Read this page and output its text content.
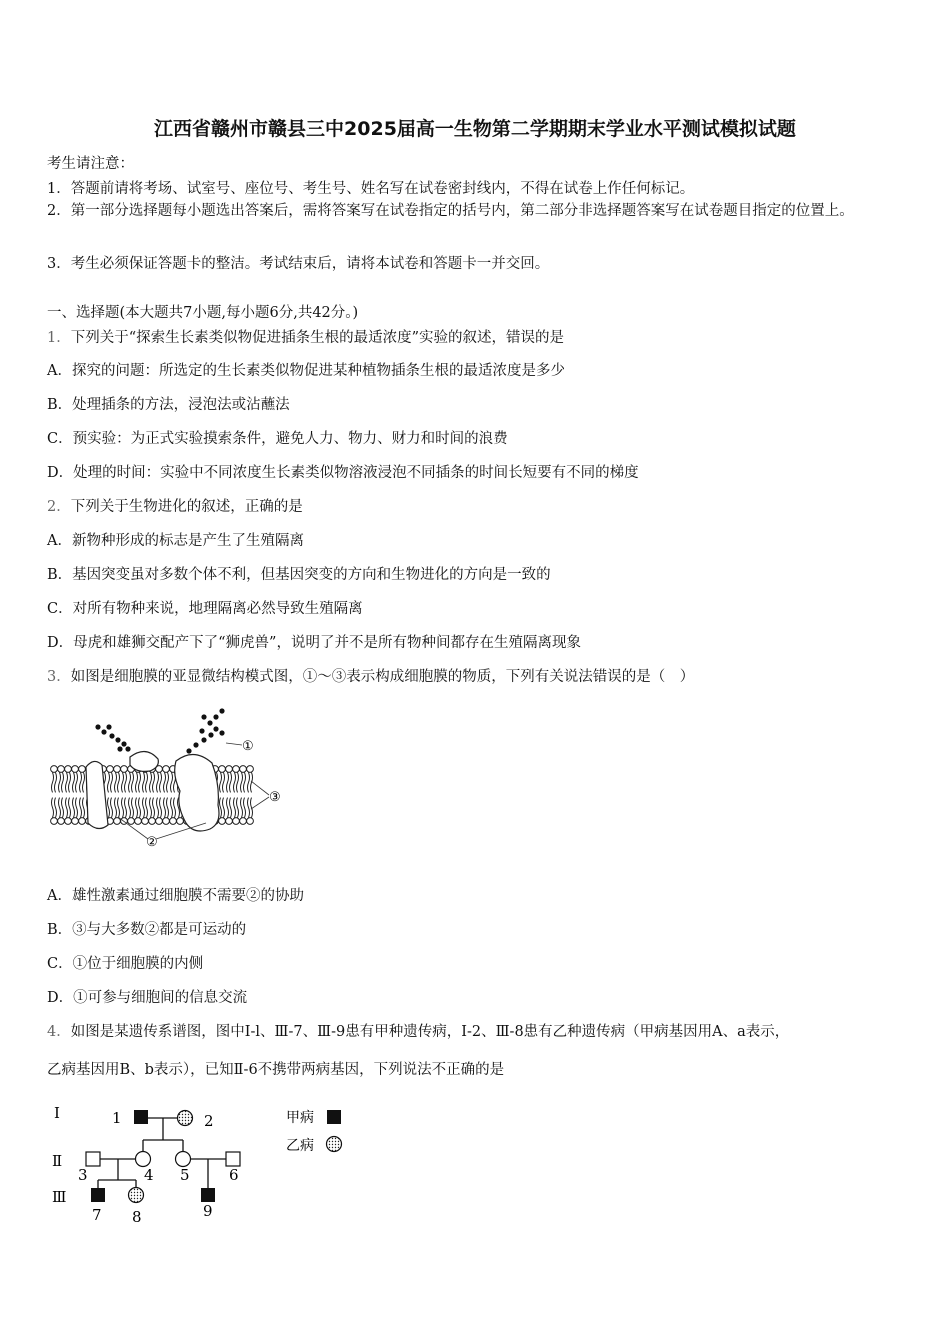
江西省赣州市赣县三中2025届高一生物第二学期期末学业水平测试模拟试题
考生请注意：
1．答题前请将考场、试室号、座位号、考生号、姓名写在试卷密封线内，不得在试卷上作任何标记。
2．第一部分选择题每小题选出答案后，需将答案写在试卷指定的括号内，第二部分非选择题答案写在试卷题目指定的位置上。
3．考生必须保证答题卡的整洁。考试结束后，请将本试卷和答题卡一并交回。
一、选择题(本大题共7小题,每小题6分,共42分。)
1．下列关于“探索生长素类似物促进插条生根的最适浓度”实验的叙述，错误的是
A．探究的问题：所选定的生长素类似物促进某种植物插条生根的最适浓度是多少
B．处理插条的方法，浸泡法或沾蘸法
C．预实验：为正式实验摸索条件，避免人力、物力、财力和时间的浪费
D．处理的时间：实验中不同浓度生长素类似物溶液浸泡不同插条的时间长短要有不同的梯度
2．下列关于生物进化的叙述，正确的是
A．新物种形成的标志是产生了生殖隔离
B．基因突变虽对多数个体不利，但基因突变的方向和生物进化的方向是一致的
C．对所有物种来说，地理隔离必然导致生殖隔离
D．母虎和雄狮交配产下了“狮虎兽”，说明了并不是所有物种间都存在生殖隔离现象
3．如图是细胞膜的亚显微结构模式图，①～③表示构成细胞膜的物质，下列有关说法错误的是（　）
①
③
②
A．雄性激素通过细胞膜不需要②的协助
B．③与大多数②都是可运动的
C．①位于细胞膜的内侧
D．①可参与细胞间的信息交流
4．如图是某遗传系谱图，图中Ⅰ-l、Ⅲ-7、Ⅲ-9患有甲种遗传病，Ⅰ-2、Ⅲ-8患有乙种遗传病（甲病基因用A、a表示，
乙病基因用B、b表示），已知Ⅱ-6不携带两病基因，下列说法不正确的是
Ⅰ
Ⅱ
Ⅲ
1	2
3	4 5	6
7 8	9
甲病
乙病
